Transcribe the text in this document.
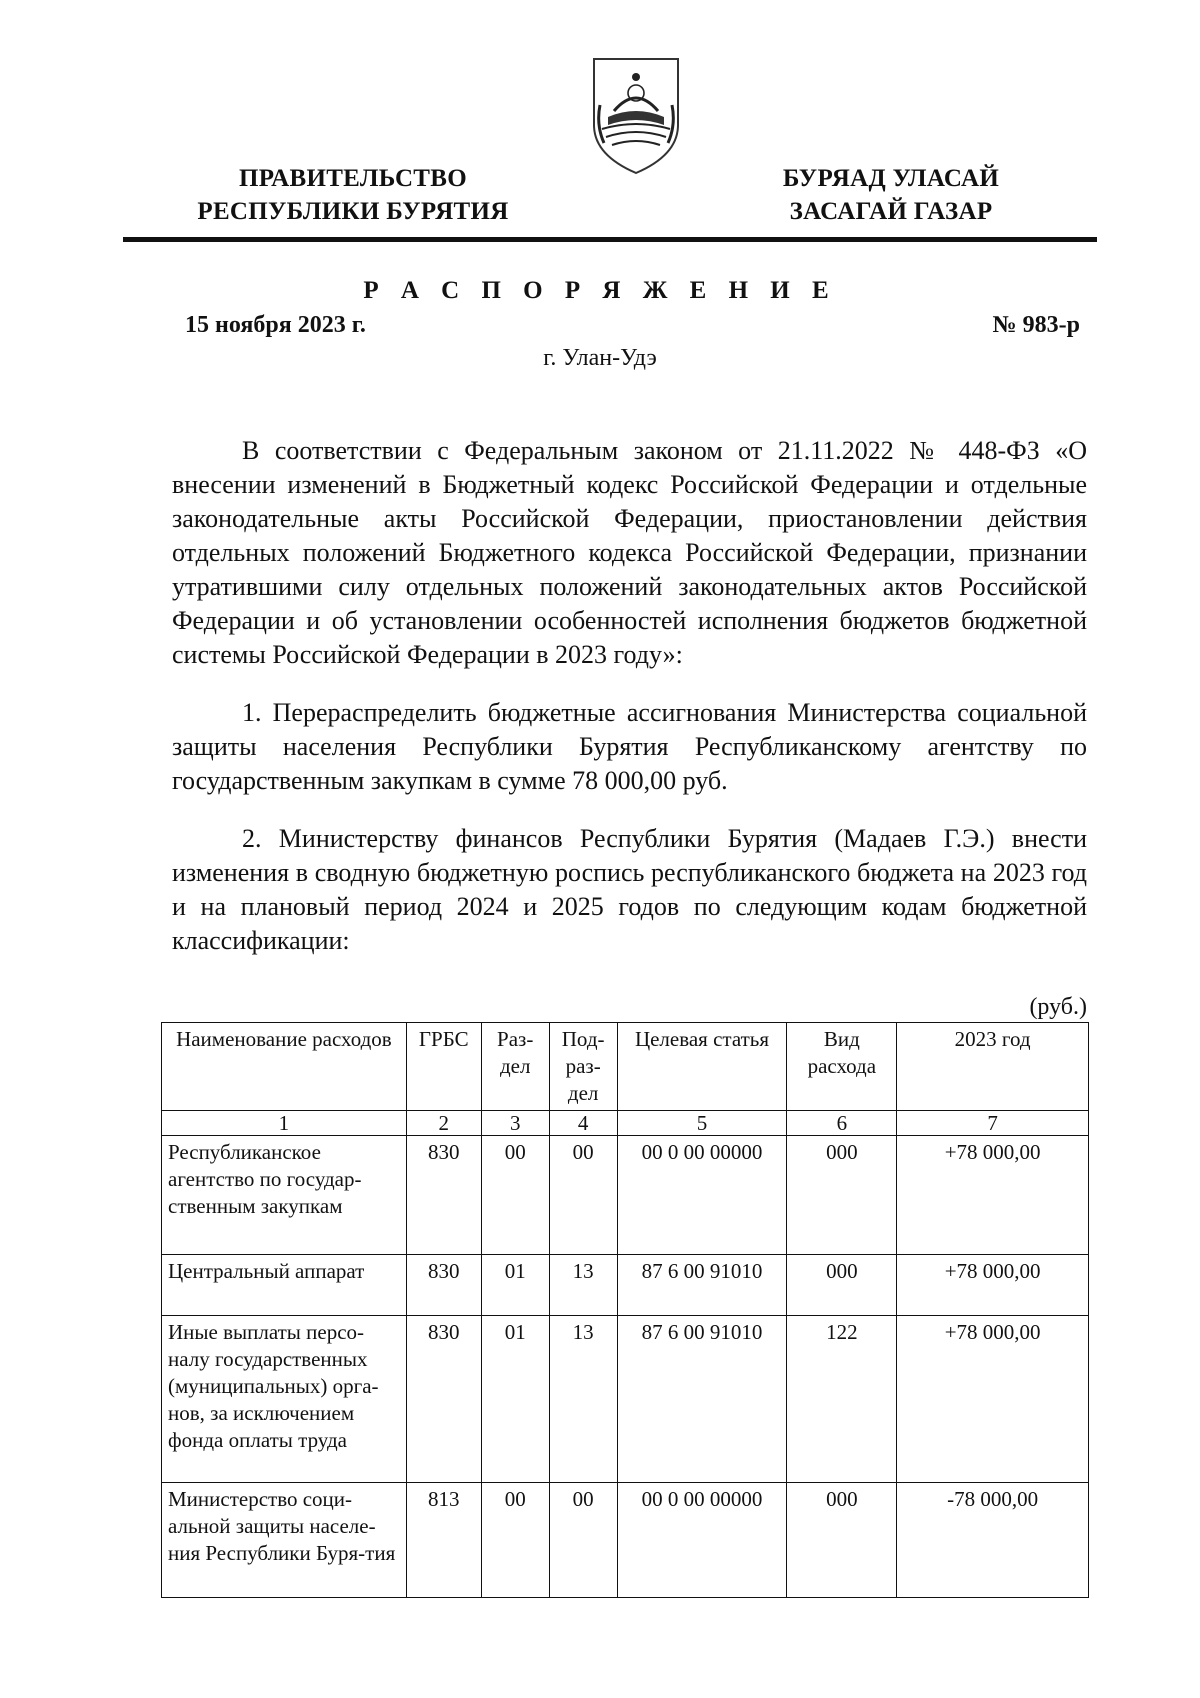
ПРАВИТЕЛЬСТВО
РЕСПУБЛИКИ БУРЯТИЯ
БУРЯАД УЛАСАЙ
ЗАСАГАЙ ГАЗАР
Р А С П О Р Я Ж Е Н И Е
15 ноября 2023 г.	№ 983-р
г. Улан-Удэ
В соответствии с Федеральным законом от 21.11.2022 № 448-ФЗ «О внесении изменений в Бюджетный кодекс Российской Федерации и отдельные законодательные акты Российской Федерации, приостановлении действия отдельных положений Бюджетного кодекса Российской Федерации, признании утратившими силу отдельных положений законодательных актов Российской Федерации и об установлении особенностей исполнения бюджетов бюджетной системы Российской Федерации в 2023 году»:
1. Перераспределить бюджетные ассигнования Министерства социальной защиты населения Республики Бурятия Республиканскому агентству по государственным закупкам в сумме 78 000,00 руб.
2. Министерству финансов Республики Бурятия (Мадаев Г.Э.) внести изменения в сводную бюджетную роспись республиканского бюджета на 2023 год и на плановый период 2024 и 2025 годов по следующим кодам бюджетной классификации:
(руб.)
Наименование расходов	ГРБС	Раз-дел	Под-раз-дел	Целевая статья	Вид расхода	2023 год
1	2	3	4	5	6	7
Республиканское агентство по государ-ственным закупкам	830	00	00	00 0 00 00000	000	+78 000,00
Центральный аппарат	830	01	13	87 6 00 91010	000	+78 000,00
Иные выплаты персо-налу государственных (муниципальных) орга-нов, за исключением фонда оплаты труда	830	01	13	87 6 00 91010	122	+78 000,00
Министерство соци-альной защиты населе-ния Республики Буря-тия	813	00	00	00 0 00 00000	000	-78 000,00
